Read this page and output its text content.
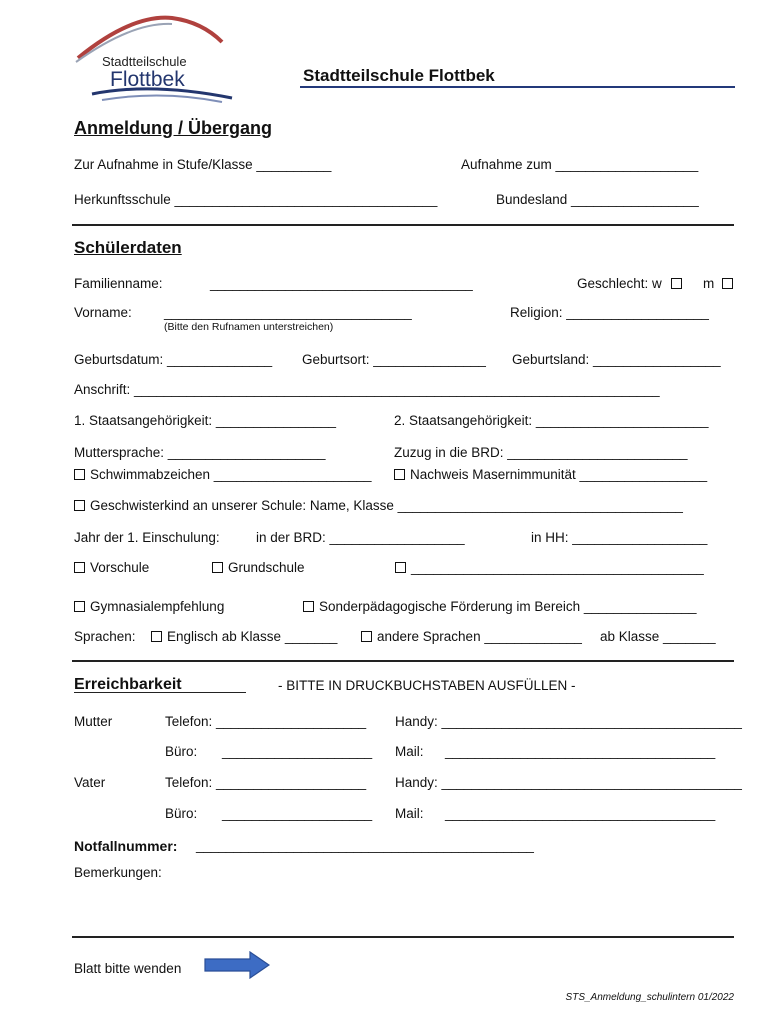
Stadtteilschule
Flottbek	Stadtteilschule Flottbek
Anmeldung / Übergang
Zur Aufnahme in Stufe/Klasse __________	Aufnahme zum ___________________
Herkunftsschule ___________________________________	Bundesland _________________
Schülerdaten
Familienname:	___________________________________	Geschlecht: w	m
Vorname: _________________________________	Religion: ___________________
(Bitte den Rufnamen unterstreichen)
Geburtsdatum: ______________ Geburtsort: _______________ Geburtsland: _________________
Anschrift: ______________________________________________________________________
1. Staatsangehörigkeit: ________________	2. Staatsangehörigkeit: _______________________
Muttersprache: _____________________	Zuzug in die BRD: ________________________
Schwimmabzeichen _____________________	Nachweis Masernimmunität _________________
Geschwisterkind an unserer Schule: Name, Klasse ______________________________________
Jahr der 1. Einschulung:	in der BRD: __________________	in HH: __________________
Vorschule	Grundschule	_______________________________________
Gymnasialempfehlung	Sonderpädagogische Förderung im Bereich _______________
Sprachen:	Englisch ab Klasse _______	andere Sprachen _____________ ab Klasse _______
Erreichbarkeit	- BITTE IN DRUCKBUCHSTABEN AUSFÜLLEN -
Mutter	Telefon: ____________________ Handy: ________________________________________
Büro: ____________________ Mail: ____________________________________
Vater	Telefon: ____________________ Handy: ________________________________________
Büro: ____________________ Mail: ____________________________________
Notfallnummer: _____________________________________________
Bemerkungen:
Blatt bitte wenden
STS_Anmeldung_schulintern 01/2022
